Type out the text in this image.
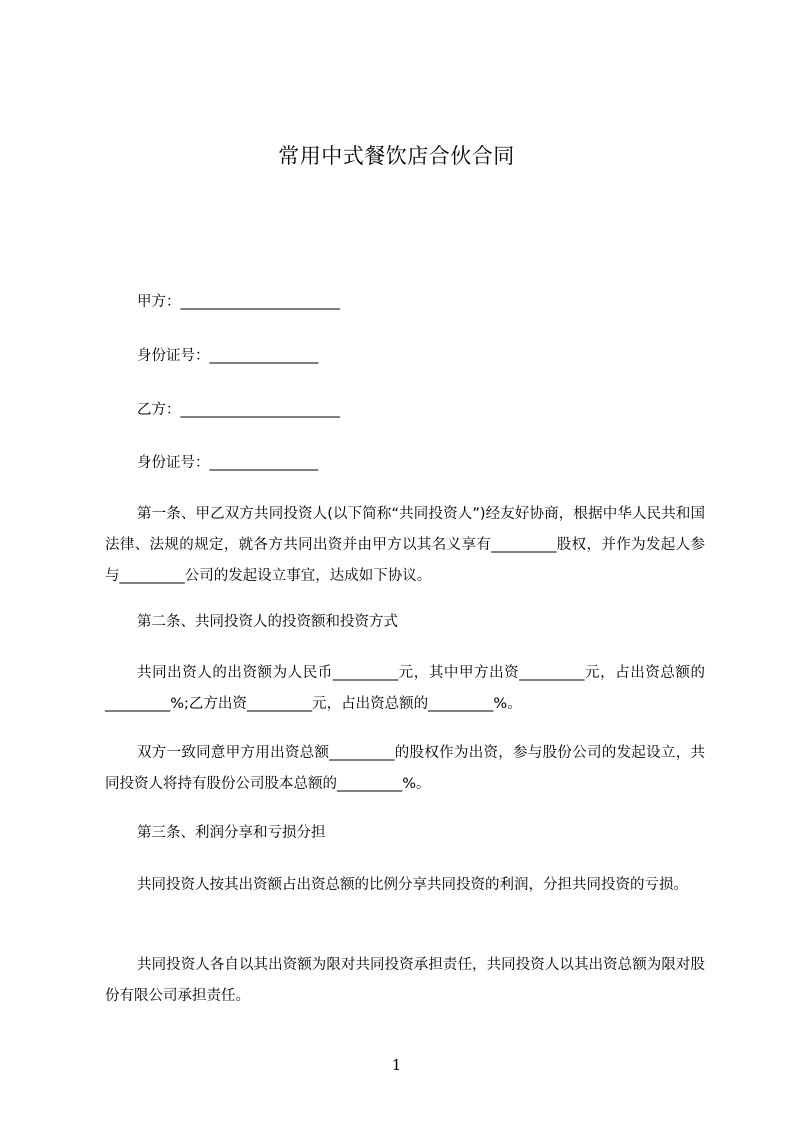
常用中式餐饮店合伙合同
甲方：______________________
身份证号：_______________
乙方：______________________
身份证号：_______________
第一条、甲乙双方共同投资人(以下简称“共同投资人”)经友好协商，根据中华人民共和国法律、法规的规定，就各方共同出资并由甲方以其名义享有_________股权，并作为发起人参与_________公司的发起设立事宜，达成如下协议。
第二条、共同投资人的投资额和投资方式
共同出资人的出资额为人民币_________元，其中甲方出资_________元，占出资总额的_________%;乙方出资_________元，占出资总额的_________%。
双方一致同意甲方用出资总额_________的股权作为出资，参与股份公司的发起设立，共同投资人将持有股份公司股本总额的_________%。
第三条、利润分享和亏损分担
共同投资人按其出资额占出资总额的比例分享共同投资的利润，分担共同投资的亏损。
共同投资人各自以其出资额为限对共同投资承担责任，共同投资人以其出资总额为限对股份有限公司承担责任。
1
